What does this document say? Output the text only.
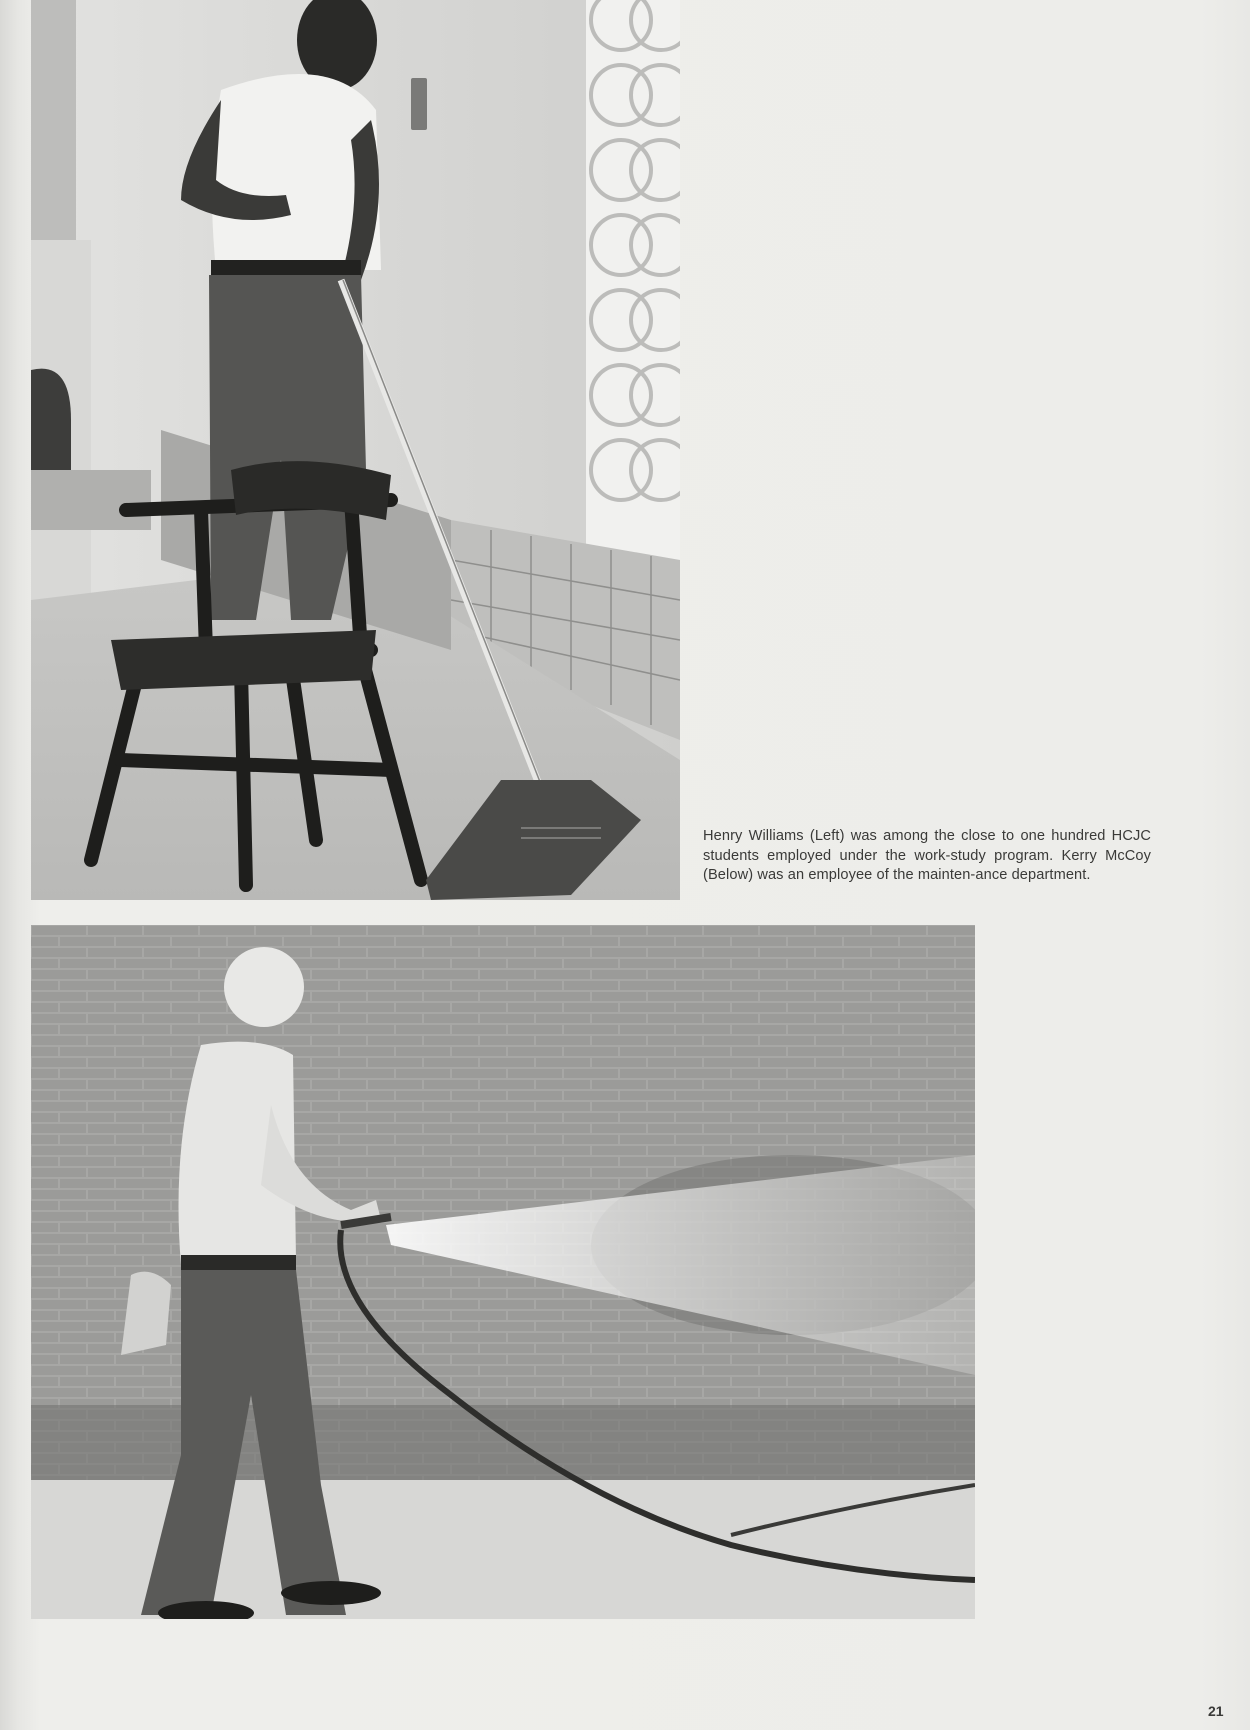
Henry Williams (Left) was among the close to one hundred HCJC students employed under the work-study program. Kerry McCoy (Below) was an employee of the mainten-ance department.

21
